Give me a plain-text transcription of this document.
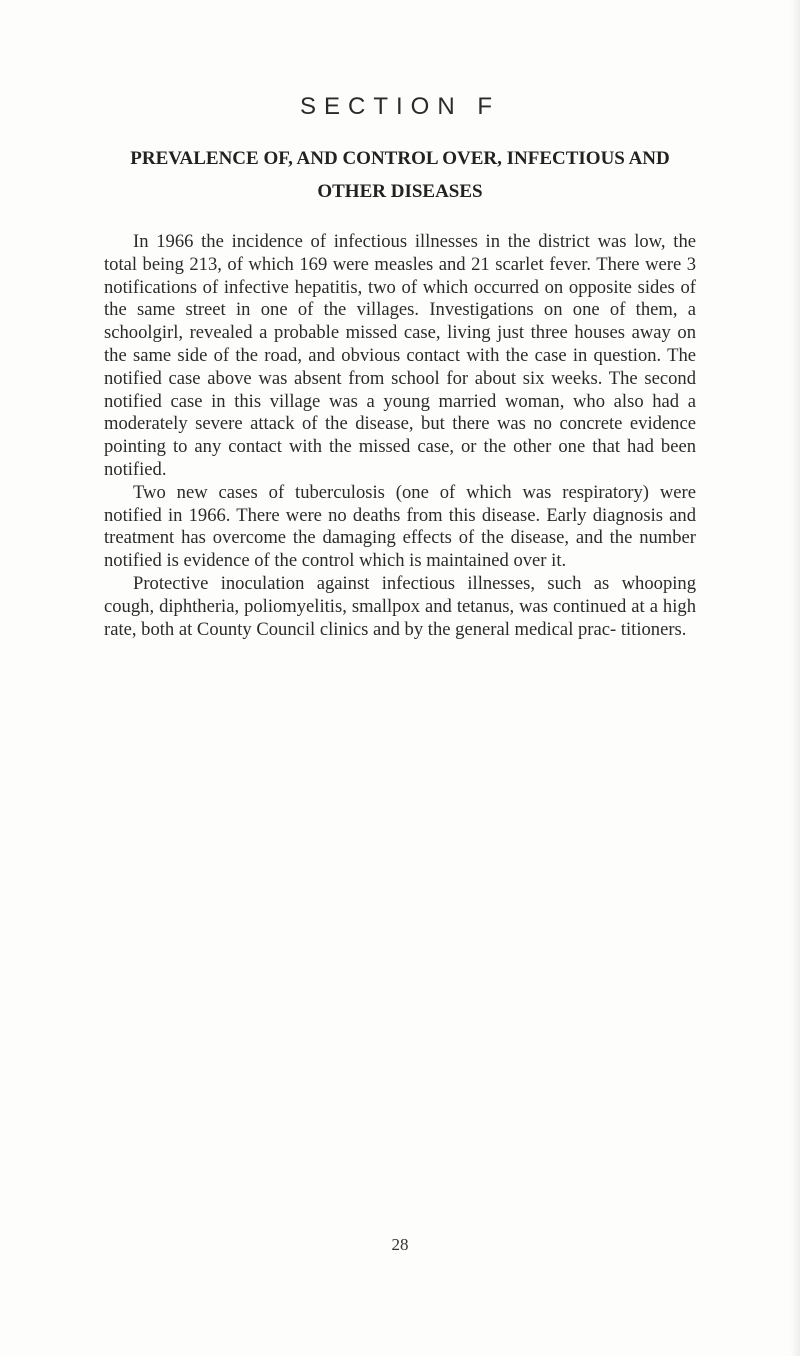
SECTION F
PREVALENCE OF, AND CONTROL OVER, INFECTIOUS AND OTHER DISEASES

In 1966 the incidence of infectious illnesses in the district was low, the total being 213, of which 169 were measles and 21 scarlet fever. There were 3 notifications of infective hepatitis, two of which occurred on opposite sides of the same street in one of the villages. Investigations on one of them, a schoolgirl, revealed a probable missed case, living just three houses away on the same side of the road, and obvious contact with the case in question. The notified case above was absent from school for about six weeks. The second notified case in this village was a young married woman, who also had a moderately severe attack of the disease, but there was no concrete evidence pointing to any contact with the missed case, or the other one that had been notified.

Two new cases of tuberculosis (one of which was respiratory) were notified in 1966. There were no deaths from this disease. Early diagnosis and treatment has overcome the damaging effects of the disease, and the number notified is evidence of the control which is maintained over it.

Protective inoculation against infectious illnesses, such as whooping cough, diphtheria, poliomyelitis, smallpox and tetanus, was continued at a high rate, both at County Council clinics and by the general medical prac- titioners.

28
